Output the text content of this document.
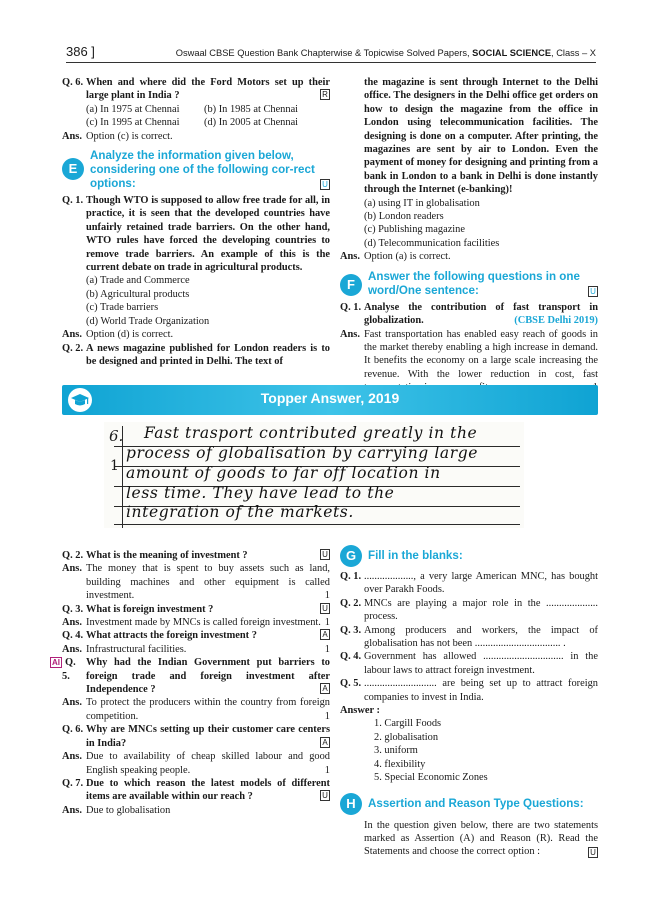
386 ]	Oswaal CBSE Question Bank Chapterwise & Topicwise Solved Papers, SOCIAL SCIENCE, Class – X
Q. 6. When and where did the Ford Motors set up their large plant in India ?	R
(a) In 1975 at Chennai	(b) In 1985 at Chennai
(c) In 1995 at Chennai	(d) In 2005 at Chennai
Ans. Option (c) is correct.
E
Analyze the information given below, considering one of the following cor-rect options:	U
Q. 1. Though WTO is supposed to allow free trade for all, in practice, it is seen that the developed countries have unfairly retained trade barriers. On the other hand, WTO rules have forced the developing countries to remove trade barriers. An example of this is the current debate on trade in agricultural products.
(a) Trade and Commerce
(b) Agricultural products
(c) Trade barriers
(d) World Trade Organization
Ans. Option (d) is correct.
Q. 2. A news magazine published for London readers is to be designed and printed in Delhi. The text of
the magazine is sent through Internet to the Delhi office. The designers in the Delhi office get orders on how to design the magazine from the office in London using telecommunication facilities. The designing is done on a computer. After printing, the magazines are sent by air to London. Even the payment of money for designing and printing from a bank in London to a bank in Delhi is done instantly through the Internet (e-banking)!
(a) using IT in globalisation
(b) London readers
(c) Publishing magazine
(d) Telecommunication facilities
Ans. Option (a) is correct.
F
Answer the following questions in one word/One sentence:	U
Q. 1. Analyse the contribution of fast transport in globalization.	(CBSE Delhi 2019)
Ans. Fast transportation has enabled easy reach of goods in the market thereby enabling a high increase in demand. It benefits the economy on a large scale increasing the revenue. With the lower reduction in cost, fast
Topper Answer, 2019
6.
1
Fast trasport contributed greatly in the
process of globalisation by carrying large
amount of goods to far off location in
less time. They have lead to the
integration of the markets.
Q. 2. What is the meaning of investment ?	U
Ans. The money that is spent to buy assets such as land, building machines and other equipment is called investment.	1
Q. 3. What is foreign investment ?	U
Ans. Investment made by MNCs is called foreign investment. 1
Q. 4. What attracts the foreign investment ?	A
Ans. Infrastructural facilities.	1
AI Q. 5.
Why had the Indian Government put barriers to foreign trade and foreign investment after Independence ?	A
Ans. To protect the producers within the country from foreign competition.	1
Q. 6. Why are MNCs setting up their customer care centers in India?	A
Ans. Due to availability of cheap skilled labour and good English speaking people.	1
Q. 7. Due to which reason the latest models of different items are available within our reach ?	U
Ans. Due to globalisation
G	Fill in the blanks:
Q. 1. ..................., a very large American MNC, has bought over Parakh Foods.
Q. 2. MNCs are playing a major role in the .................... process.
Q. 3. Among producers and workers, the impact of globalisation has not been ................................. .
Q. 4. Government has allowed ............................... in the labour laws to attract foreign investment.
Q. 5. ............................ are being set up to attract foreign companies to invest in India.
Answer :
1. Cargill Foods
2. globalisation
3. uniform
4. flexibility
5. Special Economic Zones
H	Assertion and Reason Type Questions:
In the question given below, there are two statements marked as Assertion (A) and Reason (R). Read the Statements and choose the correct option :	U
